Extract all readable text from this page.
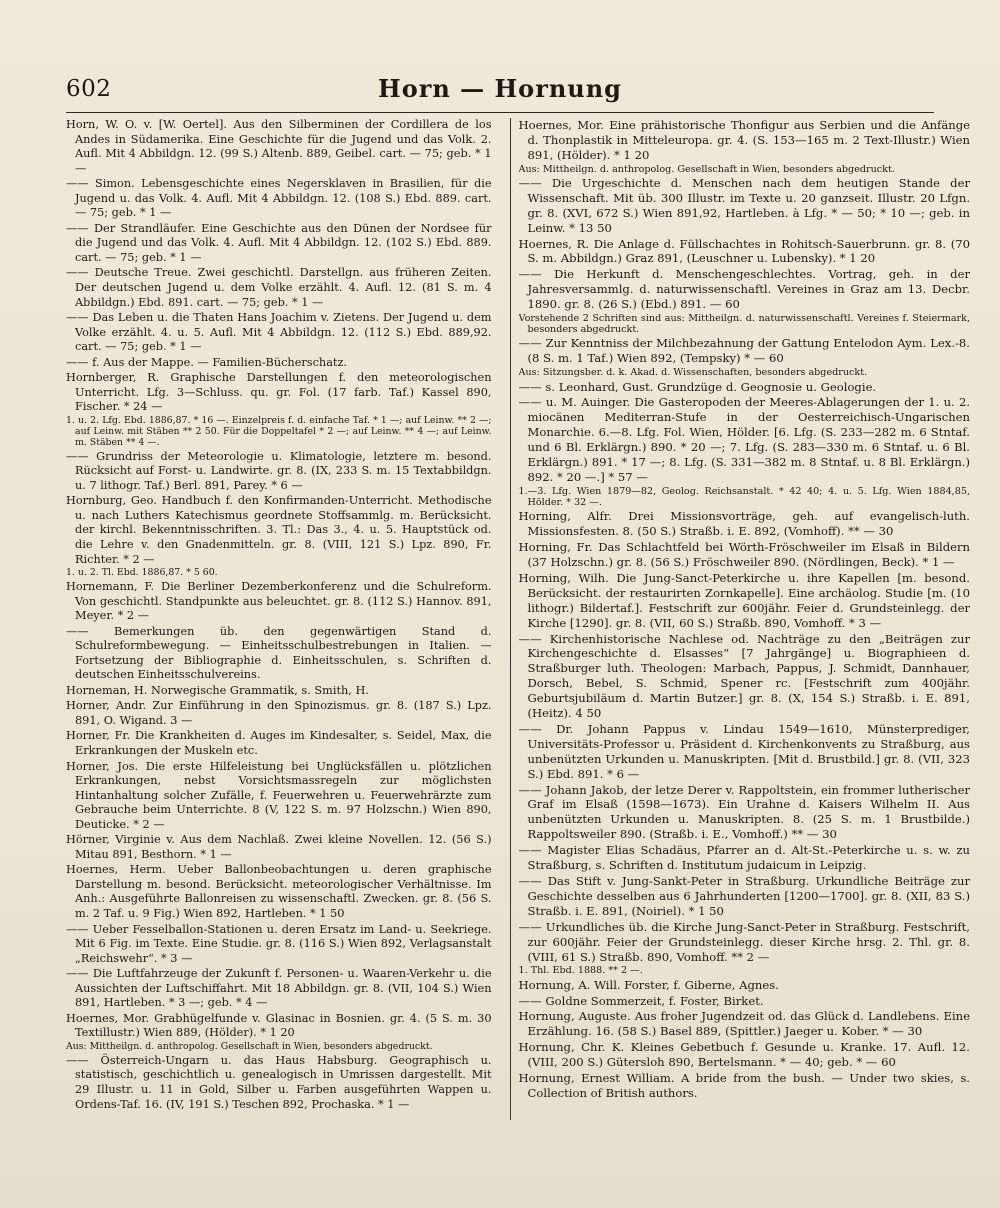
602	Horn — Hornung

Horn, W. O. v. [W. Oertel]. Aus den Silberminen der Cordillera de los Andes in Südamerika. Eine Geschichte für die Jugend und das Volk. 2. Aufl. Mit 4 Abbildgn. 12. (99 S.) Altenb. 889, Geibel. cart. — 75; geb. * 1 —

—— Simon. Lebensgeschichte eines Negersklaven in Brasilien, für die Jugend u. das Volk. 4. Aufl. Mit 4 Abbildgn. 12. (108 S.) Ebd. 889. cart. — 75; geb. * 1 —

—— Der Strandläufer. Eine Geschichte aus den Dünen der Nordsee für die Jugend und das Volk. 4. Aufl. Mit 4 Abbildgn. 12. (102 S.) Ebd. 889. cart. — 75; geb. * 1 —

—— Deutsche Treue. Zwei geschichtl. Darstellgn. aus früheren Zeiten. Der deutschen Jugend u. dem Volke erzählt. 4. Aufl. 12. (81 S. m. 4 Abbildgn.) Ebd. 891. cart. — 75; geb. * 1 —

—— Das Leben u. die Thaten Hans Joachim v. Zietens. Der Jugend u. dem Volke erzählt. 4. u. 5. Aufl. Mit 4 Abbildgn. 12. (112 S.) Ebd. 889,92. cart. — 75; geb. * 1 —

—— f. Aus der Mappe. — Familien-Bücherschatz.

Hornberger, R. Graphische Darstellungen f. den meteorologischen Unterricht. Lfg. 3—Schluss. qu. gr. Fol. (17 farb. Taf.) Kassel 890, Fischer. * 24 —

1. u. 2. Lfg. Ebd. 1886,87. * 16 —. Einzelpreis f. d. einfache Taf. * 1 —; auf Leinw. ** 2 —; auf Leinw. mit Stäben ** 2 50. Für die Doppeltafel * 2 —; auf Leinw. ** 4 —; auf Leinw. m. Stäben ** 4 —.

—— Grundriss der Meteorologie u. Klimatologie, letztere m. besond. Rücksicht auf Forst- u. Landwirte. gr. 8. (IX, 233 S. m. 15 Textabbildgn. u. 7 lithogr. Taf.) Berl. 891, Parey. * 6 —

Hornburg, Geo. Handbuch f. den Konfirmanden-Unterricht. Methodische u. nach Luthers Katechismus geordnete Stoffsammlg. m. Berücksicht. der kirchl. Bekenntnisschriften. 3. Tl.: Das 3., 4. u. 5. Hauptstück od. die Lehre v. den Gnadenmitteln. gr. 8. (VIII, 121 S.) Lpz. 890, Fr. Richter. * 2 —

1. u. 2. Tl. Ebd. 1886,87. * 5 60.

Hornemann, F. Die Berliner Dezemberkonferenz und die Schulreform. Von geschichtl. Standpunkte aus beleuchtet. gr. 8. (112 S.) Hannov. 891, Meyer. * 2 —

—— Bemerkungen üb. den gegenwärtigen Stand d. Schulreformbewegung. — Einheitsschulbestrebungen in Italien. — Fortsetzung der Bibliographie d. Einheitsschulen, s. Schriften d. deutschen Einheitsschulvereins.

Horneman, H. Norwegische Grammatik, s. Smith, H.

Horner, Andr. Zur Einführung in den Spinozismus. gr. 8. (187 S.) Lpz. 891, O. Wigand. 3 —

Horner, Fr. Die Krankheiten d. Auges im Kindesalter, s. Seidel, Max, die Erkrankungen der Muskeln etc.

Horner, Jos. Die erste Hilfeleistung bei Unglücksfällen u. plötzlichen Erkrankungen, nebst Vorsichtsmassregeln zur möglichsten Hintanhaltung solcher Zufälle, f. Feuerwehren u. Feuerwehrärzte zum Gebrauche beim Unterrichte. 8 (V, 122 S. m. 97 Holzschn.) Wien 890, Deuticke. * 2 —

Hörner, Virginie v. Aus dem Nachlaß. Zwei kleine Novellen. 12. (56 S.) Mitau 891, Besthorn. * 1 —

Hoernes, Herm. Ueber Ballonbeobachtungen u. deren graphische Darstellung m. besond. Berücksicht. meteorologischer Verhältnisse. Im Anh.: Ausgeführte Ballonreisen zu wissenschaftl. Zwecken. gr. 8. (56 S. m. 2 Taf. u. 9 Fig.) Wien 892, Hartleben. * 1 50

—— Ueber Fesselballon-Stationen u. deren Ersatz im Land- u. Seekriege. Mit 6 Fig. im Texte. Eine Studie. gr. 8. (116 S.) Wien 892, Verlagsanstalt „Reichswehr“. * 3 —

—— Die Luftfahrzeuge der Zukunft f. Personen- u. Waaren-Verkehr u. die Aussichten der Luftschiffahrt. Mit 18 Abbildgn. gr. 8. (VII, 104 S.) Wien 891, Hartleben. * 3 —; geb. * 4 —

Hoernes, Mor. Grabhügelfunde v. Glasinac in Bosnien. gr. 4. (5 S. m. 30 Textillustr.) Wien 889, (Hölder). * 1 20

Aus: Mittheilgn. d. anthropolog. Gesellschaft in Wien, besonders abgedruckt.

—— Österreich-Ungarn u. das Haus Habsburg. Geographisch u. statistisch, geschichtlich u. genealogisch in Umrissen dargestellt. Mit 29 Illustr. u. 11 in Gold, Silber u. Farben ausgeführten Wappen u. Ordens-Taf. 16. (IV, 191 S.) Teschen 892, Prochaska. * 1 —

Hoernes, Mor. Eine prähistorische Thonfigur aus Serbien und die Anfänge d. Thonplastik in Mitteleuropa. gr. 4. (S. 153—165 m. 2 Text-Illustr.) Wien 891, (Hölder). * 1 20

Aus: Mittheilgn. d. anthropolog. Gesellschaft in Wien, besonders abgedruckt.

—— Die Urgeschichte d. Menschen nach dem heutigen Stande der Wissenschaft. Mit üb. 300 Illustr. im Texte u. 20 ganzseit. Illustr. 20 Lfgn. gr. 8. (XVI, 672 S.) Wien 891,92, Hartleben. à Lfg. * — 50; * 10 —; geb. in Leinw. * 13 50

Hoernes, R. Die Anlage d. Füllschachtes in Rohitsch-Sauerbrunn. gr. 8. (70 S. m. Abbildgn.) Graz 891, (Leuschner u. Lubensky). * 1 20

—— Die Herkunft d. Menschengeschlechtes. Vortrag, geh. in der Jahresversammlg. d. naturwissenschaftl. Vereines in Graz am 13. Decbr. 1890. gr. 8. (26 S.) (Ebd.) 891. — 60

Vorstehende 2 Schriften sind aus: Mittheilgn. d. naturwissenschaftl. Vereines f. Steiermark, besonders abgedruckt.

—— Zur Kenntniss der Milchbezahnung der Gattung Entelodon Aym. Lex.-8. (8 S. m. 1 Taf.) Wien 892, (Tempsky) * — 60

Aus: Sitzungsber. d. k. Akad. d. Wissenschaften, besonders abgedruckt.

—— s. Leonhard, Gust. Grundzüge d. Geognosie u. Geologie.

—— u. M. Auinger. Die Gasteropoden der Meeres-Ablagerungen der 1. u. 2. miocänen Mediterran-Stufe in der Oesterreichisch-Ungarischen Monarchie. 6.—8. Lfg. Fol. Wien, Hölder. [6. Lfg. (S. 233—282 m. 6 Stntaf. und 6 Bl. Erklärgn.) 890. * 20 —; 7. Lfg. (S. 283—330 m. 6 Stntaf. u. 6 Bl. Erklärgn.) 891. * 17 —; 8. Lfg. (S. 331—382 m. 8 Stntaf. u. 8 Bl. Erklärgn.) 892. * 20 —.] * 57 —

1.—3. Lfg. Wien 1879—82, Geolog. Reichsanstalt. * 42 40; 4. u. 5. Lfg. Wien 1884,85, Hölder. * 32 —.

Horning, Alfr. Drei Missionsvorträge, geh. auf evangelisch-luth. Missionsfesten. 8. (50 S.) Straßb. i. E. 892, (Vomhoff). ** — 30

Horning, Fr. Das Schlachtfeld bei Wörth-Fröschweiler im Elsaß in Bildern (37 Holzschn.) gr. 8. (56 S.) Fröschweiler 890. (Nördlingen, Beck). * 1 —

Horning, Wilh. Die Jung-Sanct-Peterkirche u. ihre Kapellen [m. besond. Berücksicht. der restaurirten Zornkapelle]. Eine archäolog. Studie [m. (10 lithogr.) Bildertaf.]. Festschrift zur 600jähr. Feier d. Grundsteinlegg. der Kirche [1290]. gr. 8. (VII, 60 S.) Straßb. 890, Vomhoff. * 3 —

—— Kirchenhistorische Nachlese od. Nachträge zu den „Beiträgen zur Kirchengeschichte d. Elsasses“ [7 Jahrgänge] u. Biographieen d. Straßburger luth. Theologen: Marbach, Pappus, J. Schmidt, Dannhauer, Dorsch, Bebel, S. Schmid, Spener rc. [Festschrift zum 400jähr. Geburtsjubiläum d. Martin Butzer.] gr. 8. (X, 154 S.) Straßb. i. E. 891, (Heitz). 4 50

—— Dr. Johann Pappus v. Lindau 1549—1610, Münsterprediger, Universitäts-Professor u. Präsident d. Kirchenkonvents zu Straßburg, aus unbenützten Urkunden u. Manuskripten. [Mit d. Brustbild.] gr. 8. (VII, 323 S.) Ebd. 891. * 6 —

—— Johann Jakob, der letze Derer v. Rappoltstein, ein frommer lutherischer Graf im Elsaß (1598—1673). Ein Urahne d. Kaisers Wilhelm II. Aus unbenützten Urkunden u. Manuskripten. 8. (25 S. m. 1 Brustbilde.) Rappoltsweiler 890. (Straßb. i. E., Vomhoff.) ** — 30

—— Magister Elias Schadäus, Pfarrer an d. Alt-St.-Peterkirche u. s. w. zu Straßburg, s. Schriften d. Institutum judaicum in Leipzig.

—— Das Stift v. Jung-Sankt-Peter in Straßburg. Urkundliche Beiträge zur Geschichte desselben aus 6 Jahrhunderten [1200—1700]. gr. 8. (XII, 83 S.) Straßb. i. E. 891, (Noiriel). * 1 50

—— Urkundliches üb. die Kirche Jung-Sanct-Peter in Straßburg. Festschrift, zur 600jähr. Feier der Grundsteinlegg. dieser Kirche hrsg. 2. Thl. gr. 8. (VIII, 61 S.) Straßb. 890, Vomhoff. ** 2 —

1. Thl. Ebd. 1888. ** 2 —.

Hornung, A. Will. Forster, f. Giberne, Agnes.

—— Goldne Sommerzeit, f. Foster, Birket.

Hornung, Auguste. Aus froher Jugendzeit od. das Glück d. Landlebens. Eine Erzählung. 16. (58 S.) Basel 889, (Spittler.) Jaeger u. Kober. * — 30

Hornung, Chr. K. Kleines Gebetbuch f. Gesunde u. Kranke. 17. Aufl. 12. (VIII, 200 S.) Gütersloh 890, Bertelsmann. * — 40; geb. * — 60

Hornung, Ernest William. A bride from the bush. — Under two skies, s. Collection of British authors.
